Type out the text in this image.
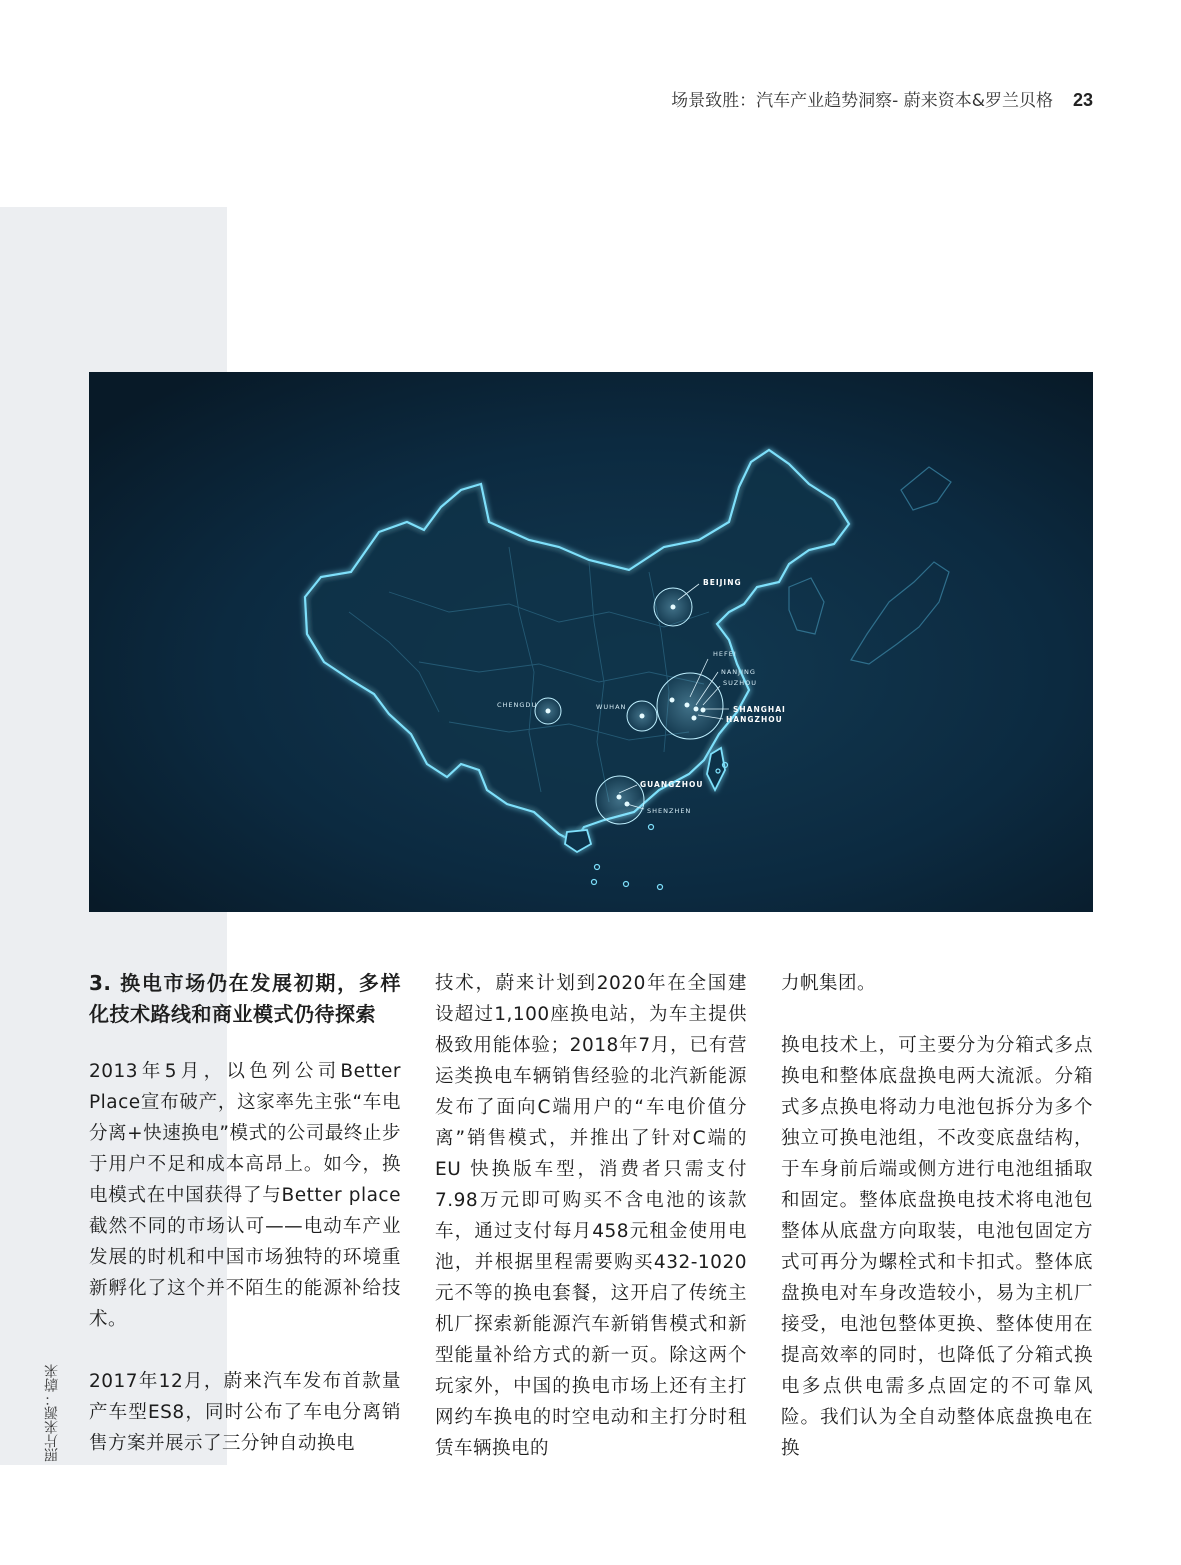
场景致胜：汽车产业趋势洞察- 蔚来资本&罗兰贝格 23
BEIJING
HEFEI
NANJING
SUZHOU
SHANGHAI
HANGZHOU
CHENGDU	WUHAN
GUANGZHOU
SHENZHEN
3. 换电市场仍在发展初期，多样化技术路线和商业模式仍待探索

2013年5月，以色列公司Better Place宣布破产，这家率先主张“车电分离+快速换电”模式的公司最终止步于用户不足和成本高昂上。如今，换电模式在中国获得了与Better place截然不同的市场认可——电动车产业发展的时机和中国市场独特的环境重新孵化了这个并不陌生的能源补给技术。

2017年12月，蔚来汽车发布首款量产车型ES8，同时公布了车电分离销售方案并展示了三分钟自动换电

技术，蔚来计划到2020年在全国建设超过1,100座换电站，为车主提供极致用能体验；2018年7月，已有营运类换电车辆销售经验的北汽新能源发布了面向C端用户的“车电价值分离”销售模式，并推出了针对C端的 EU 快换版车型，消费者只需支付7.98万元即可购买不含电池的该款车，通过支付每月458元租金使用电池，并根据里程需要购买432-1020元不等的换电套餐，这开启了传统主机厂探索新能源汽车新销售模式和新型能量补给方式的新一页。除这两个玩家外，中国的换电市场上还有主打网约车换电的时空电动和主打分时租赁车辆换电的

力帆集团。

换电技术上，可主要分为分箱式多点换电和整体底盘换电两大流派。分箱式多点换电将动力电池包拆分为多个独立可换电池组，不改变底盘结构，于车身前后端或侧方进行电池组插取和固定。整体底盘换电技术将电池包整体从底盘方向取装，电池包固定方式可再分为螺栓式和卡扣式。整体底盘换电对车身改造较小，易为主机厂接受，电池包整体更换、整体使用在提高效率的同时，也降低了分箱式换电多点供电需多点固定的不可靠风险。我们认为全自动整体底盘换电在换

照片来源：蔚来
